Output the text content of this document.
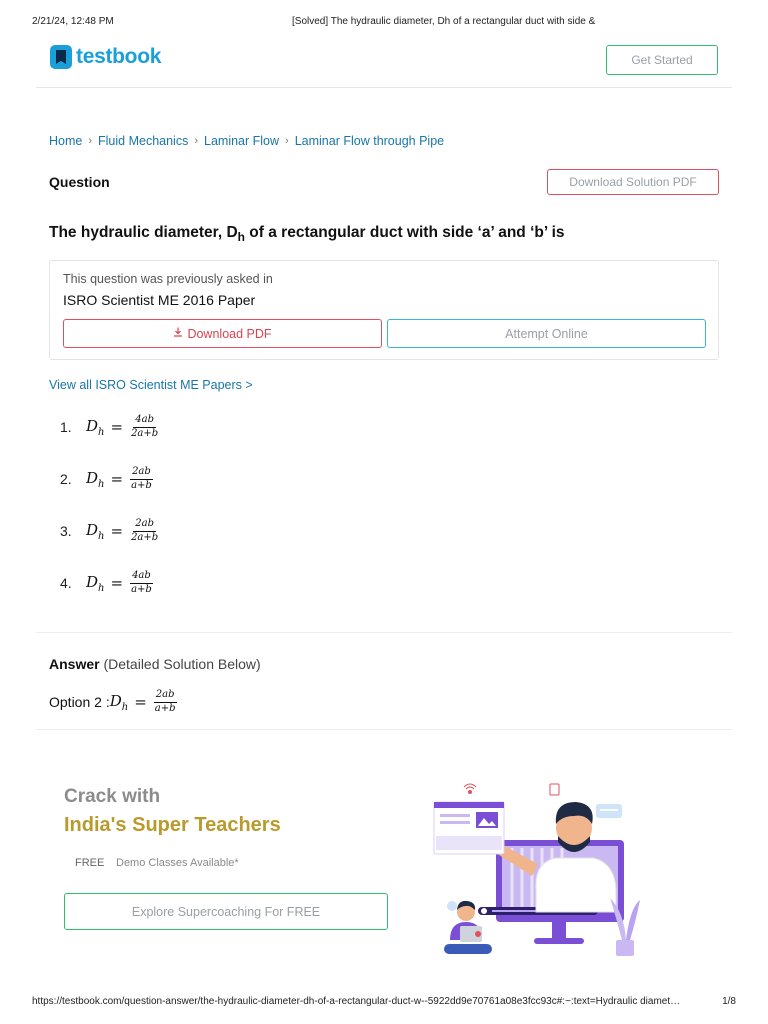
2/21/24, 12:48 PM	[Solved] The hydraulic diameter, Dh of a rectangular duct with side &
testbook	Get Started
Home › Fluid Mechanics › Laminar Flow › Laminar Flow through Pipe
Question	Download Solution PDF
The hydraulic diameter, $D_h$ of a rectangular duct with side ‘a’ and ‘b’ is
This question was previously asked in
ISRO Scientist ME 2016 Paper
Download PDF	Attempt Online
View all ISRO Scientist ME Papers >
1. $D_h = \frac{4ab}{2a+b}$
2. $D_h = \frac{2ab}{a+b}$
3. $D_h = \frac{2ab}{2a+b}$
4. $D_h = \frac{4ab}{a+b}$
Answer (Detailed Solution Below)
Option 2 : $D_h = \frac{2ab}{a+b}$
Crack with
India's Super Teachers
FREE Demo Classes Available*
Explore Supercoaching For FREE
https://testbook.com/question-answer/the-hydraulic-diameter-dh-of-a-rectangular-duct-w--5922dd9e70761a08e3fcc93c#:~:text=Hydraulic diamet…	1/8
